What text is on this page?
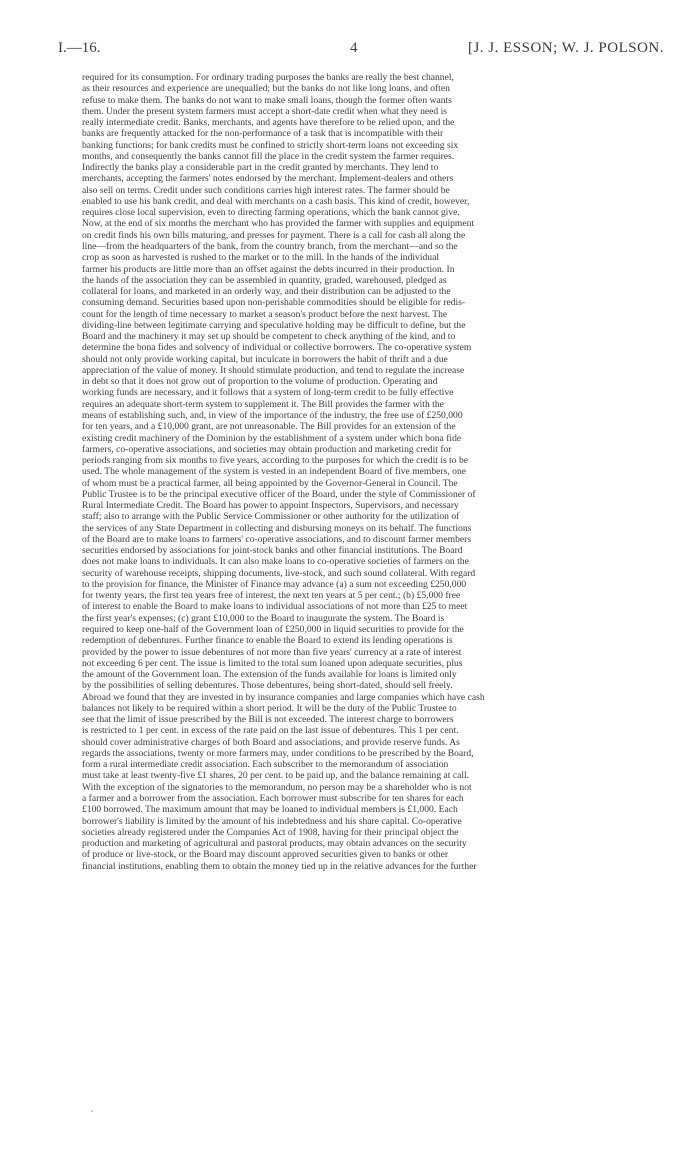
I.—16.	4	[J. J. ESSON; W. J. POLSON.
required for its consumption. For ordinary trading purposes the banks are really the best channel,
as their resources and experience are unequalled; but the banks do not like long loans, and often
refuse to make them. The banks do not want to make small loans, though the former often wants
them. Under the present system farmers must accept a short-date credit when what they need is
really intermediate credit. Banks, merchants, and agents have therefore to be relied upon, and the
banks are frequently attacked for the non-performance of a task that is incompatible with their
banking functions; for bank credits must be confined to strictly short-term loans not exceeding six
months, and consequently the banks cannot fill the place in the credit system the farmer requires.
Indirectly the banks play a considerable part in the credit granted by merchants. They lend to
merchants, accepting the farmers' notes endorsed by the merchant. Implement-dealers and others
also sell on terms. Credit under such conditions carries high interest rates. The farmer should be
enabled to use his bank credit, and deal with merchants on a cash basis. This kind of credit, however,
requires close local supervision, even to directing farming operations, which the bank cannot give.
Now, at the end of six months the merchant who has provided the farmer with supplies and equipment
on credit finds his own bills maturing, and presses for payment. There is a call for cash all along the
line—from the headquarters of the bank, from the country branch, from the merchant—and so the
crop as soon as harvested is rushed to the market or to the mill. In the hands of the individual
farmer his products are little more than an offset against the debts incurred in their production. In
the hands of the association they can be assembled in quantity, graded, warehoused, pledged as
collateral for loans, and marketed in an orderly way, and their distribution can be adjusted to the
consuming demand. Securities based upon non-perishable commodities should be eligible for redis-
count for the length of time necessary to market a season's product before the next harvest. The
dividing-line between legitimate carrying and speculative holding may be difficult to define, but the
Board and the machinery it may set up should be competent to check anything of the kind, and to
determine the bona fides and solvency of individual or collective borrowers. The co-operative system
should not only provide working capital, but inculcate in borrowers the habit of thrift and a due
appreciation of the value of money. It should stimulate production, and tend to regulate the increase
in debt so that it does not grow out of proportion to the volume of production. Operating and
working funds are necessary, and it follows that a system of long-term credit to be fully effective
requires an adequate short-term system to supplement it. The Bill provides the farmer with the
means of establishing such, and, in view of the importance of the industry, the free use of £250,000
for ten years, and a £10,000 grant, are not unreasonable. The Bill provides for an extension of the
existing credit machinery of the Dominion by the establishment of a system under which bona fide
farmers, co-operative associations, and societies may obtain production and marketing credit for
periods ranging from six months to five years, according to the purposes for which the credit is to be
used. The whole management of the system is vested in an independent Board of five members, one
of whom must be a practical farmer, all being appointed by the Governor-General in Council. The
Public Trustee is to be the principal executive officer of the Board, under the style of Commissioner of
Rural Intermediate Credit. The Board has power to appoint Inspectors, Supervisors, and necessary
staff; also to arrange with the Public Service Commissioner or other authority for the utilization of
the services of any State Department in collecting and disbursing moneys on its behalf. The functions
of the Board are to make loans to farmers' co-operative associations, and to discount farmer members
securities endorsed by associations for joint-stock banks and other financial institutions. The Board
does not make loans to individuals. It can also make loans to co-operative societies of farmers on the
security of warehouse receipts, shipping documents, live-stock, and such sound collateral. With regard
to the provision for finance, the Minister of Finance may advance (a) a sum not exceeding £250,000
for twenty years, the first ten years free of interest, the next ten years at 5 per cent.; (b) £5,000 free
of interest to enable the Board to make loans to individual associations of not more than £25 to meet
the first year's expenses; (c) grant £10,000 to the Board to inaugurate the system. The Board is
required to keep one-half of the Government loan of £250,000 in liquid securities to provide for the
redemption of debentures. Further finance to enable the Board to extend its lending operations is
provided by the power to issue debentures of not more than five years' currency at a rate of interest
not exceeding 6 per cent. The issue is limited to the total sum loaned upon adequate securities, plus
the amount of the Government loan. The extension of the funds available for loans is limited only
by the possibilities of selling debentures. Those debentures, being short-dated, should sell freely.
Abroad we found that they are invested in by insurance companies and large companies which have cash
balances not likely to be required within a short period. It will be the duty of the Public Trustee to
see that the limit of issue prescribed by the Bill is not exceeded. The interest charge to borrowers
is restricted to 1 per cent. in excess of the rate paid on the last issue of debentures. This 1 per cent.
should cover administrative charges of both Board and associations, and provide reserve funds. As
regards the associations, twenty or more farmers may, under conditions to be prescribed by the Board,
form a rural intermediate credit association. Each subscriber to the memorandum of association
must take at least twenty-five £1 shares, 20 per cent. to be paid up, and the balance remaining at call.
With the exception of the signatories to the memorandum, no person may be a shareholder who is not
a farmer and a borrower from the association. Each borrower must subscribe for ten shares for each
£100 borrowed. The maximum amount that may be loaned to individual members is £1,000. Each
borrower's liability is limited by the amount of his indebtedness and his share capital. Co-operative
societies already registered under the Companies Act of 1908, having for their principal object the
production and marketing of agricultural and pastoral products, may obtain advances on the security
of produce or live-stock, or the Board may discount approved securities given to banks or other
financial institutions, enabling them to obtain the money tied up in the relative advances for the further
